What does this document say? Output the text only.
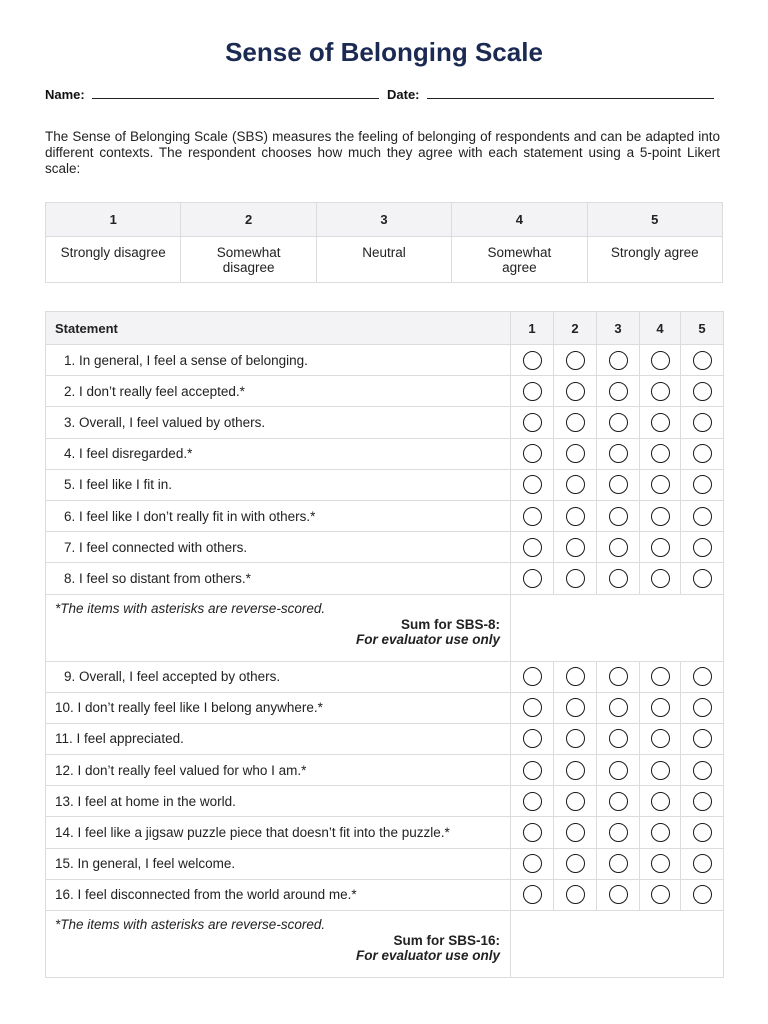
Sense of Belonging Scale
Name:	Date:

The Sense of Belonging Scale (SBS) measures the feeling of belonging of respondents and can be adapted into different contexts. The respondent chooses how much they agree with each statement using a 5-point Likert scale:

1	2	3	4	5
Strongly disagree	Somewhat disagree	Neutral	Somewhat agree	Strongly agree
Statement	1	2	3	4	5
1. In general, I feel a sense of belonging.					
2. I don’t really feel accepted.*					
3. Overall, I feel valued by others.					
4. I feel disregarded.*					
5. I feel like I fit in.					
6. I feel like I don’t really fit in with others.*					
7. I feel connected with others.					
8. I feel so distant from others.*					

*The items with asterisks are reverse-scored.
Sum for SBS-8:
For evaluator use only					

9. Overall, I feel accepted by others.					
10. I don’t really feel like I belong anywhere.*					
11. I feel appreciated.					
12. I don’t really feel valued for who I am.*					
13. I feel at home in the world.					
14. I feel like a jigsaw puzzle piece that doesn’t fit into the puzzle.*					
15. In general, I feel welcome.					
16. I feel disconnected from the world around me.*					

*The items with asterisks are reverse-scored.
Sum for SBS-16:
For evaluator use only					
